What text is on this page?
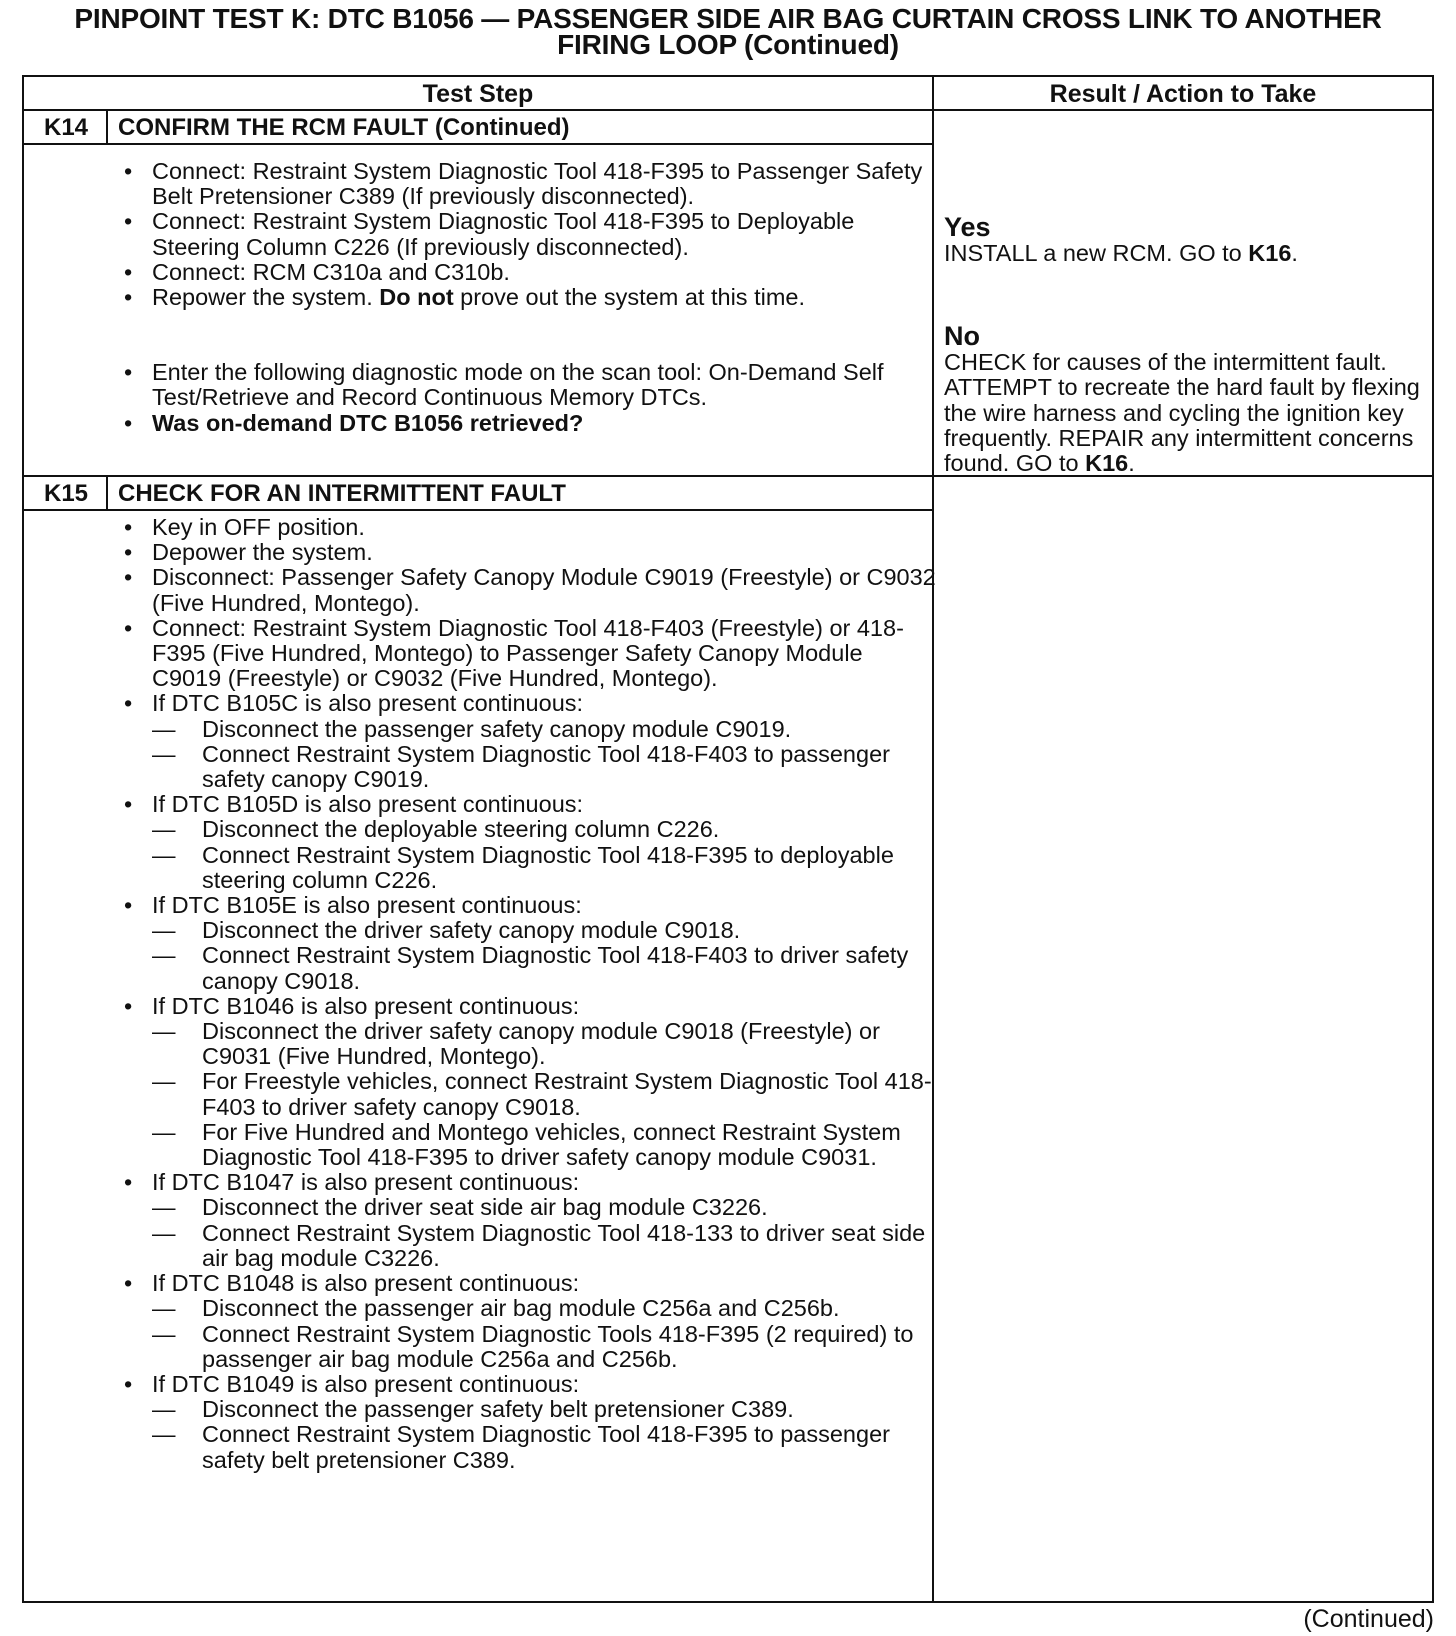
PINPOINT TEST K: DTC B1056 — PASSENGER SIDE AIR BAG CURTAIN CROSS LINK TO ANOTHER
FIRING LOOP (Continued)
Test Step	Result / Action to Take
K14	CONFIRM THE RCM FAULT (Continued)
• Connect: Restraint System Diagnostic Tool 418-F395 to Passenger Safety Belt Pretensioner C389 (If previously disconnected).
• Connect: Restraint System Diagnostic Tool 418-F395 to Deployable Steering Column C226 (If previously disconnected).
• Connect: RCM C310a and C310b.
• Repower the system. Do not prove out the system at this time.
• Enter the following diagnostic mode on the scan tool: On-Demand Self Test/Retrieve and Record Continuous Memory DTCs.
• Was on-demand DTC B1056 retrieved?
Yes
INSTALL a new RCM. GO to K16.
No
CHECK for causes of the intermittent fault. ATTEMPT to recreate the hard fault by flexing the wire harness and cycling the ignition key frequently. REPAIR any intermittent concerns found. GO to K16.
K15	CHECK FOR AN INTERMITTENT FAULT
• Key in OFF position.
• Depower the system.
• Disconnect: Passenger Safety Canopy Module C9019 (Freestyle) or C9032 (Five Hundred, Montego).
• Connect: Restraint System Diagnostic Tool 418-F403 (Freestyle) or 418-F395 (Five Hundred, Montego) to Passenger Safety Canopy Module C9019 (Freestyle) or C9032 (Five Hundred, Montego).
• If DTC B105C is also present continuous:
— Disconnect the passenger safety canopy module C9019.
— Connect Restraint System Diagnostic Tool 418-F403 to passenger safety canopy C9019.
• If DTC B105D is also present continuous:
— Disconnect the deployable steering column C226.
— Connect Restraint System Diagnostic Tool 418-F395 to deployable steering column C226.
• If DTC B105E is also present continuous:
— Disconnect the driver safety canopy module C9018.
— Connect Restraint System Diagnostic Tool 418-F403 to driver safety canopy C9018.
• If DTC B1046 is also present continuous:
— Disconnect the driver safety canopy module C9018 (Freestyle) or C9031 (Five Hundred, Montego).
— For Freestyle vehicles, connect Restraint System Diagnostic Tool 418-F403 to driver safety canopy C9018.
— For Five Hundred and Montego vehicles, connect Restraint System Diagnostic Tool 418-F395 to driver safety canopy module C9031.
• If DTC B1047 is also present continuous:
— Disconnect the driver seat side air bag module C3226.
— Connect Restraint System Diagnostic Tool 418-133 to driver seat side air bag module C3226.
• If DTC B1048 is also present continuous:
— Disconnect the passenger air bag module C256a and C256b.
— Connect Restraint System Diagnostic Tools 418-F395 (2 required) to passenger air bag module C256a and C256b.
• If DTC B1049 is also present continuous:
— Disconnect the passenger safety belt pretensioner C389.
— Connect Restraint System Diagnostic Tool 418-F395 to passenger safety belt pretensioner C389.
(Continued)
